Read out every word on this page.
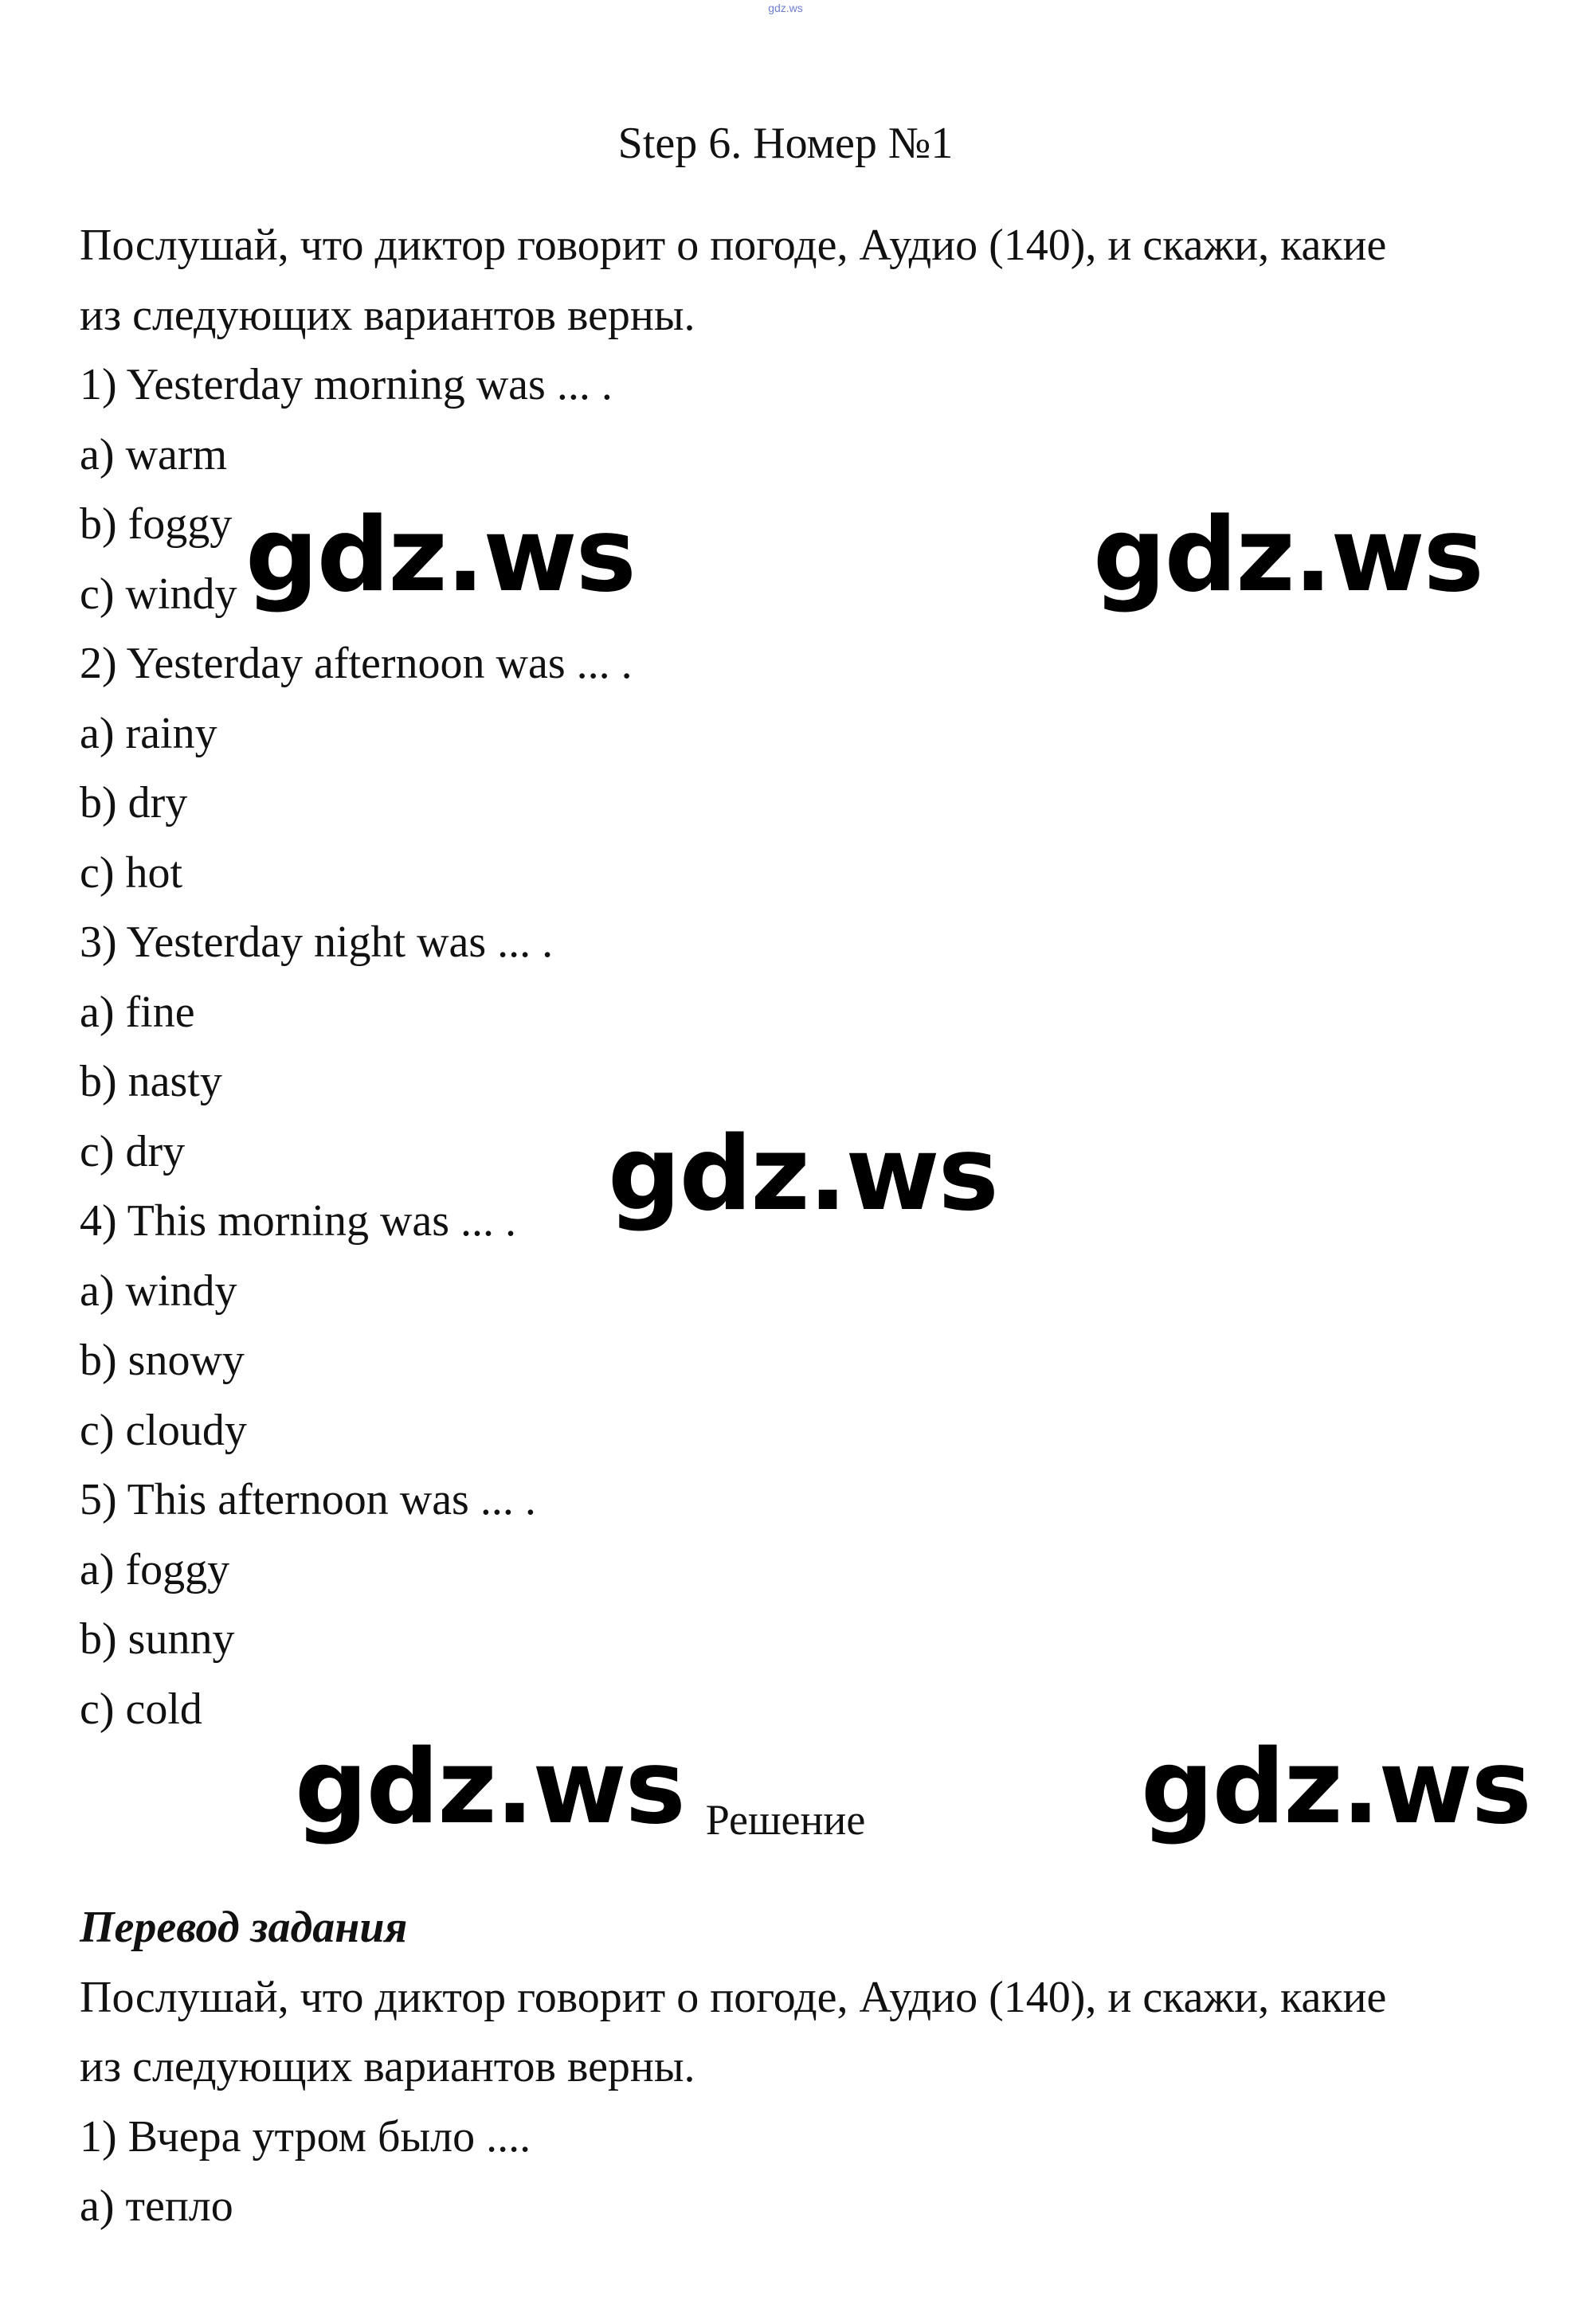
gdz.ws
Step 6. Номер №1
Послушай, что диктор говорит о погоде, Аудио (140), и скажи, какие
из следующих вариантов верны.
1) Yesterday morning was ... .
a) warm
b) foggy
c) windy
2) Yesterday afternoon was ... .
a) rainy
b) dry
c) hot
3) Yesterday night was ... .
a) fine
b) nasty
c) dry
4) This morning was ... .
a) windy
b) snowy
c) cloudy
5) This afternoon was ... .
a) foggy
b) sunny
c) cold
Решение
Перевод задания
Послушай, что диктор говорит о погоде, Аудио (140), и скажи, какие
из следующих вариантов верны.
1) Вчера утром было ....
a) тепло
gdz.ws	gdz.ws
gdz.ws
gdz.ws	gdz.ws
